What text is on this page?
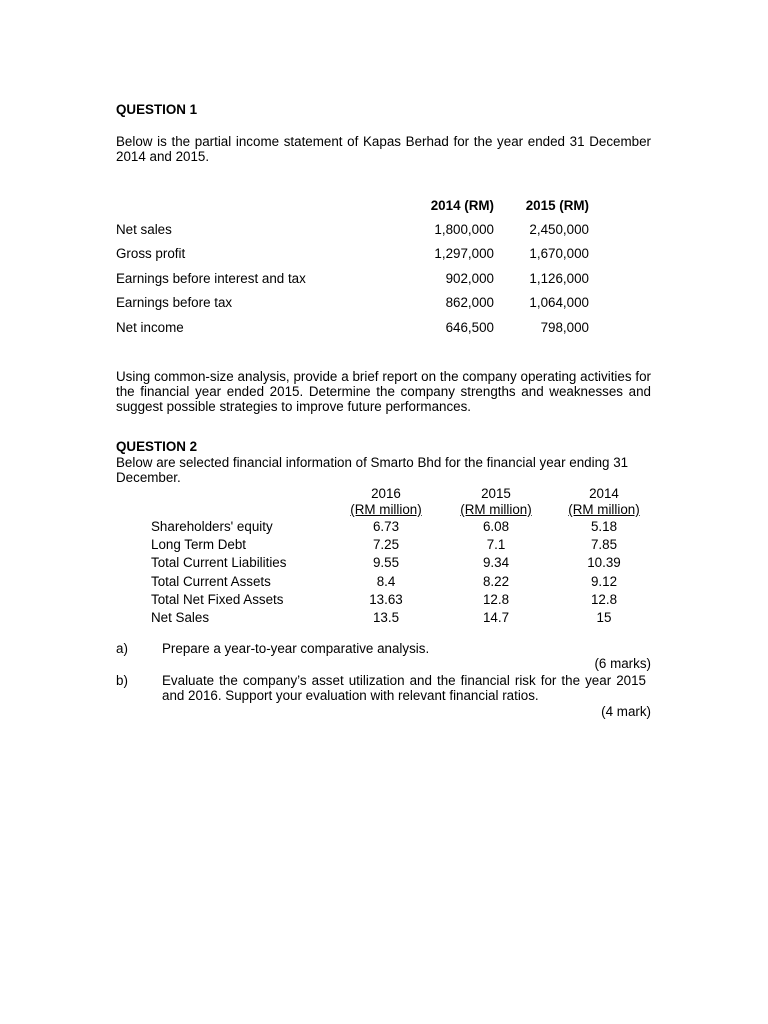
QUESTION 1
Below is the partial income statement of Kapas Berhad for the year ended 31 December 2014 and 2015.
2014 (RM)	2015 (RM)
Net sales	1,800,000	2,450,000
Gross profit	1,297,000	1,670,000
Earnings before interest and tax	902,000	1,126,000
Earnings before tax	862,000	1,064,000
Net income	646,500	798,000
Using common-size analysis, provide a brief report on the company operating activities for the financial year ended 2015. Determine the company strengths and weaknesses and suggest possible strategies to improve future performances.
QUESTION 2
Below are selected financial information of Smarto Bhd for the financial year ending 31 December.
2016	2015	2014
(RM million)	(RM million)	(RM million)
Shareholders' equity	6.73	6.08	5.18
Long Term Debt	7.25	7.1	7.85
Total Current Liabilities	9.55	9.34	10.39
Total Current Assets	8.4	8.22	9.12
Total Net Fixed Assets	13.63	12.8	12.8
Net Sales	13.5	14.7	15
a)	Prepare a year-to-year comparative analysis.
(6 marks)
b)	Evaluate the company’s asset utilization and the financial risk for the year 2015 and 2016. Support your evaluation with relevant financial ratios.
(4 mark)
